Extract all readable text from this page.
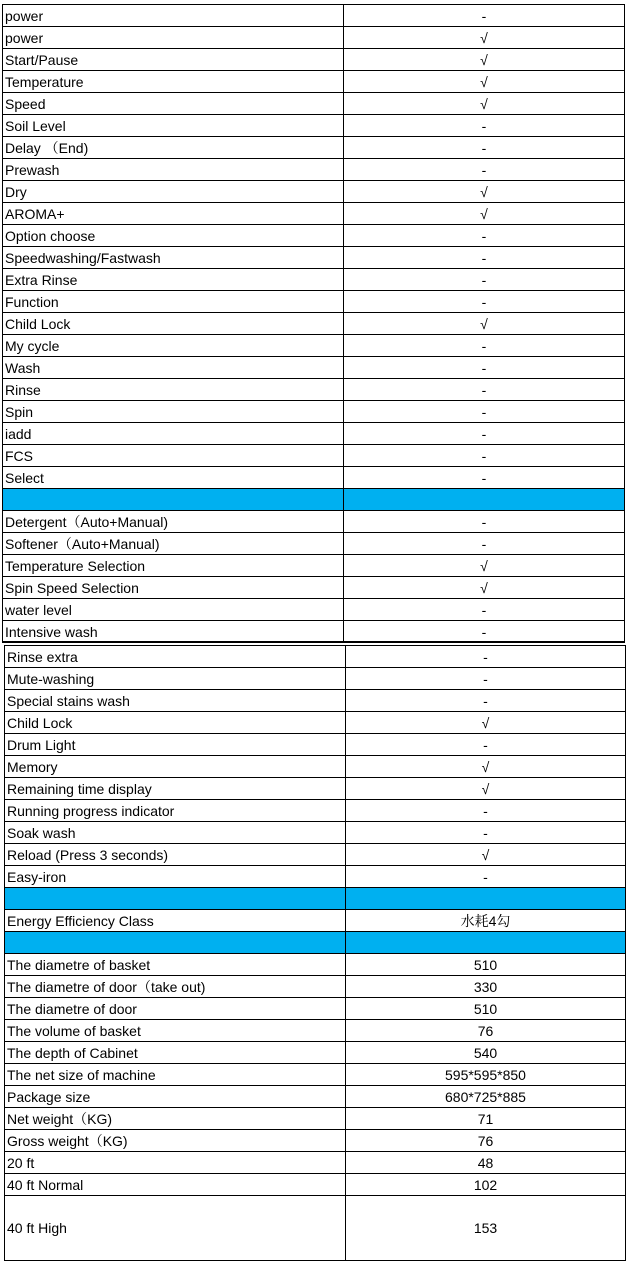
power	-
power	√
Start/Pause	√
Temperature	√
Speed	√
Soil Level	-
Delay （End)	-
Prewash	-
Dry	√
AROMA+	√
Option choose	-
Speedwashing/Fastwash	-
Extra Rinse	-
Function	-
Child Lock	√
My cycle	-
Wash	-
Rinse	-
Spin	-
iadd	-
FCS	-
Select	-

Detergent（Auto+Manual)	-
Softener（Auto+Manual)	-
Temperature Selection	√
Spin Speed Selection	√
water level	-
Intensive wash	-
Rinse extra	-
Mute-washing	-
Special stains wash	-
Child Lock	√
Drum Light	-
Memory	√
Remaining time display	√
Running progress indicator	-
Soak wash	-
Reload (Press 3 seconds)	√
Easy-iron	-

Energy Efficiency Class	水耗4勾

The diametre of basket	510
The diametre of door（take out)	330
The diametre of door	510
The volume of basket	76
The depth of Cabinet	540
The net size of machine	595*595*850
Package size	680*725*885
Net weight（KG)	71
Gross weight（KG)	76
20 ft	48
40 ft Normal	102
40 ft High	153
